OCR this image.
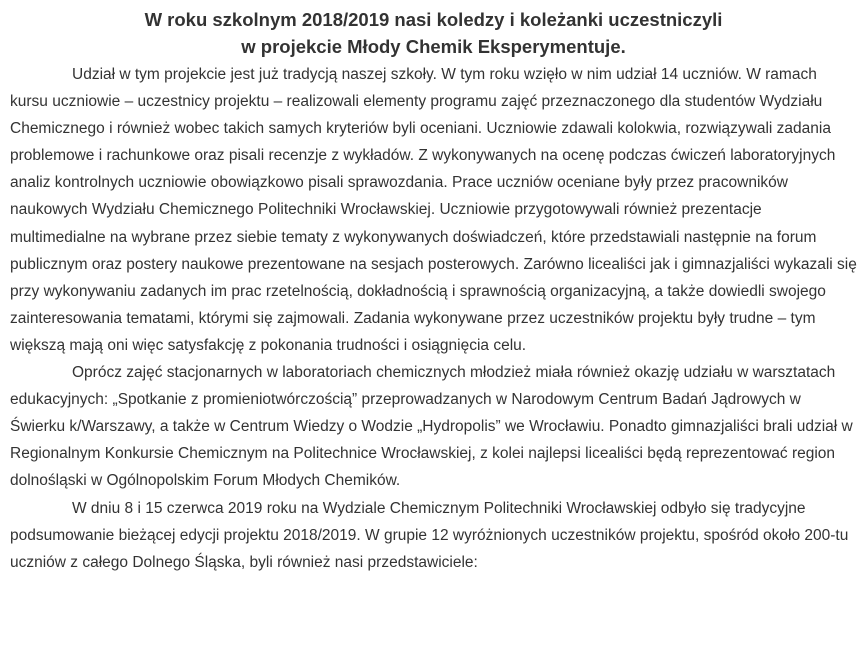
W roku szkolnym 2018/2019 nasi koledzy i koleżanki uczestniczyli
w projekcie Młody Chemik Eksperymentuje.

Udział w tym projekcie jest już tradycją naszej szkoły. W tym roku wzięło w nim udział 14 uczniów. W ramach kursu uczniowie – uczestnicy projektu – realizowali elementy programu zajęć przeznaczonego dla studentów Wydziału Chemicznego i również wobec takich samych kryteriów byli oceniani. Uczniowie zdawali kolokwia, rozwiązywali zadania problemowe i rachunkowe oraz pisali recenzje z wykładów. Z wykonywanych na ocenę podczas ćwiczeń laboratoryjnych analiz kontrolnych uczniowie obowiązkowo pisali sprawozdania. Prace uczniów oceniane były przez pracowników naukowych Wydziału Chemicznego Politechniki Wrocławskiej. Uczniowie przygotowywali również prezentacje multimedialne na wybrane przez siebie tematy z wykonywanych doświadczeń, które przedstawiali następnie na forum publicznym oraz postery naukowe prezentowane na sesjach posterowych. Zarówno licealiści jak i gimnazjaliści wykazali się przy wykonywaniu zadanych im prac rzetelnością, dokładnością i sprawnością organizacyjną, a także dowiedli swojego zainteresowania tematami, którymi się zajmowali. Zadania wykonywane przez uczestników projektu były trudne – tym większą mają oni więc satysfakcję z pokonania trudności i osiągnięcia celu.

Oprócz zajęć stacjonarnych w laboratoriach chemicznych młodzież miała również okazję udziału w warsztatach edukacyjnych: „Spotkanie z promieniotwórczością” przeprowadzanych w Narodowym Centrum Badań Jądrowych w Świerku k/Warszawy, a także w Centrum Wiedzy o Wodzie „Hydropolis” we Wrocławiu. Ponadto gimnazjaliści brali udział w Regionalnym Konkursie Chemicznym na Politechnice Wrocławskiej, z kolei najlepsi licealiści będą reprezentować region dolnośląski w Ogólnopolskim Forum Młodych Chemików.

W dniu 8 i 15 czerwca 2019 roku na Wydziale Chemicznym Politechniki Wrocławskiej odbyło się tradycyjne podsumowanie bieżącej edycji projektu 2018/2019. W grupie 12 wyróżnionych uczestników projektu, spośród około 200-tu uczniów z całego Dolnego Śląska, byli również nasi przedstawiciele:
